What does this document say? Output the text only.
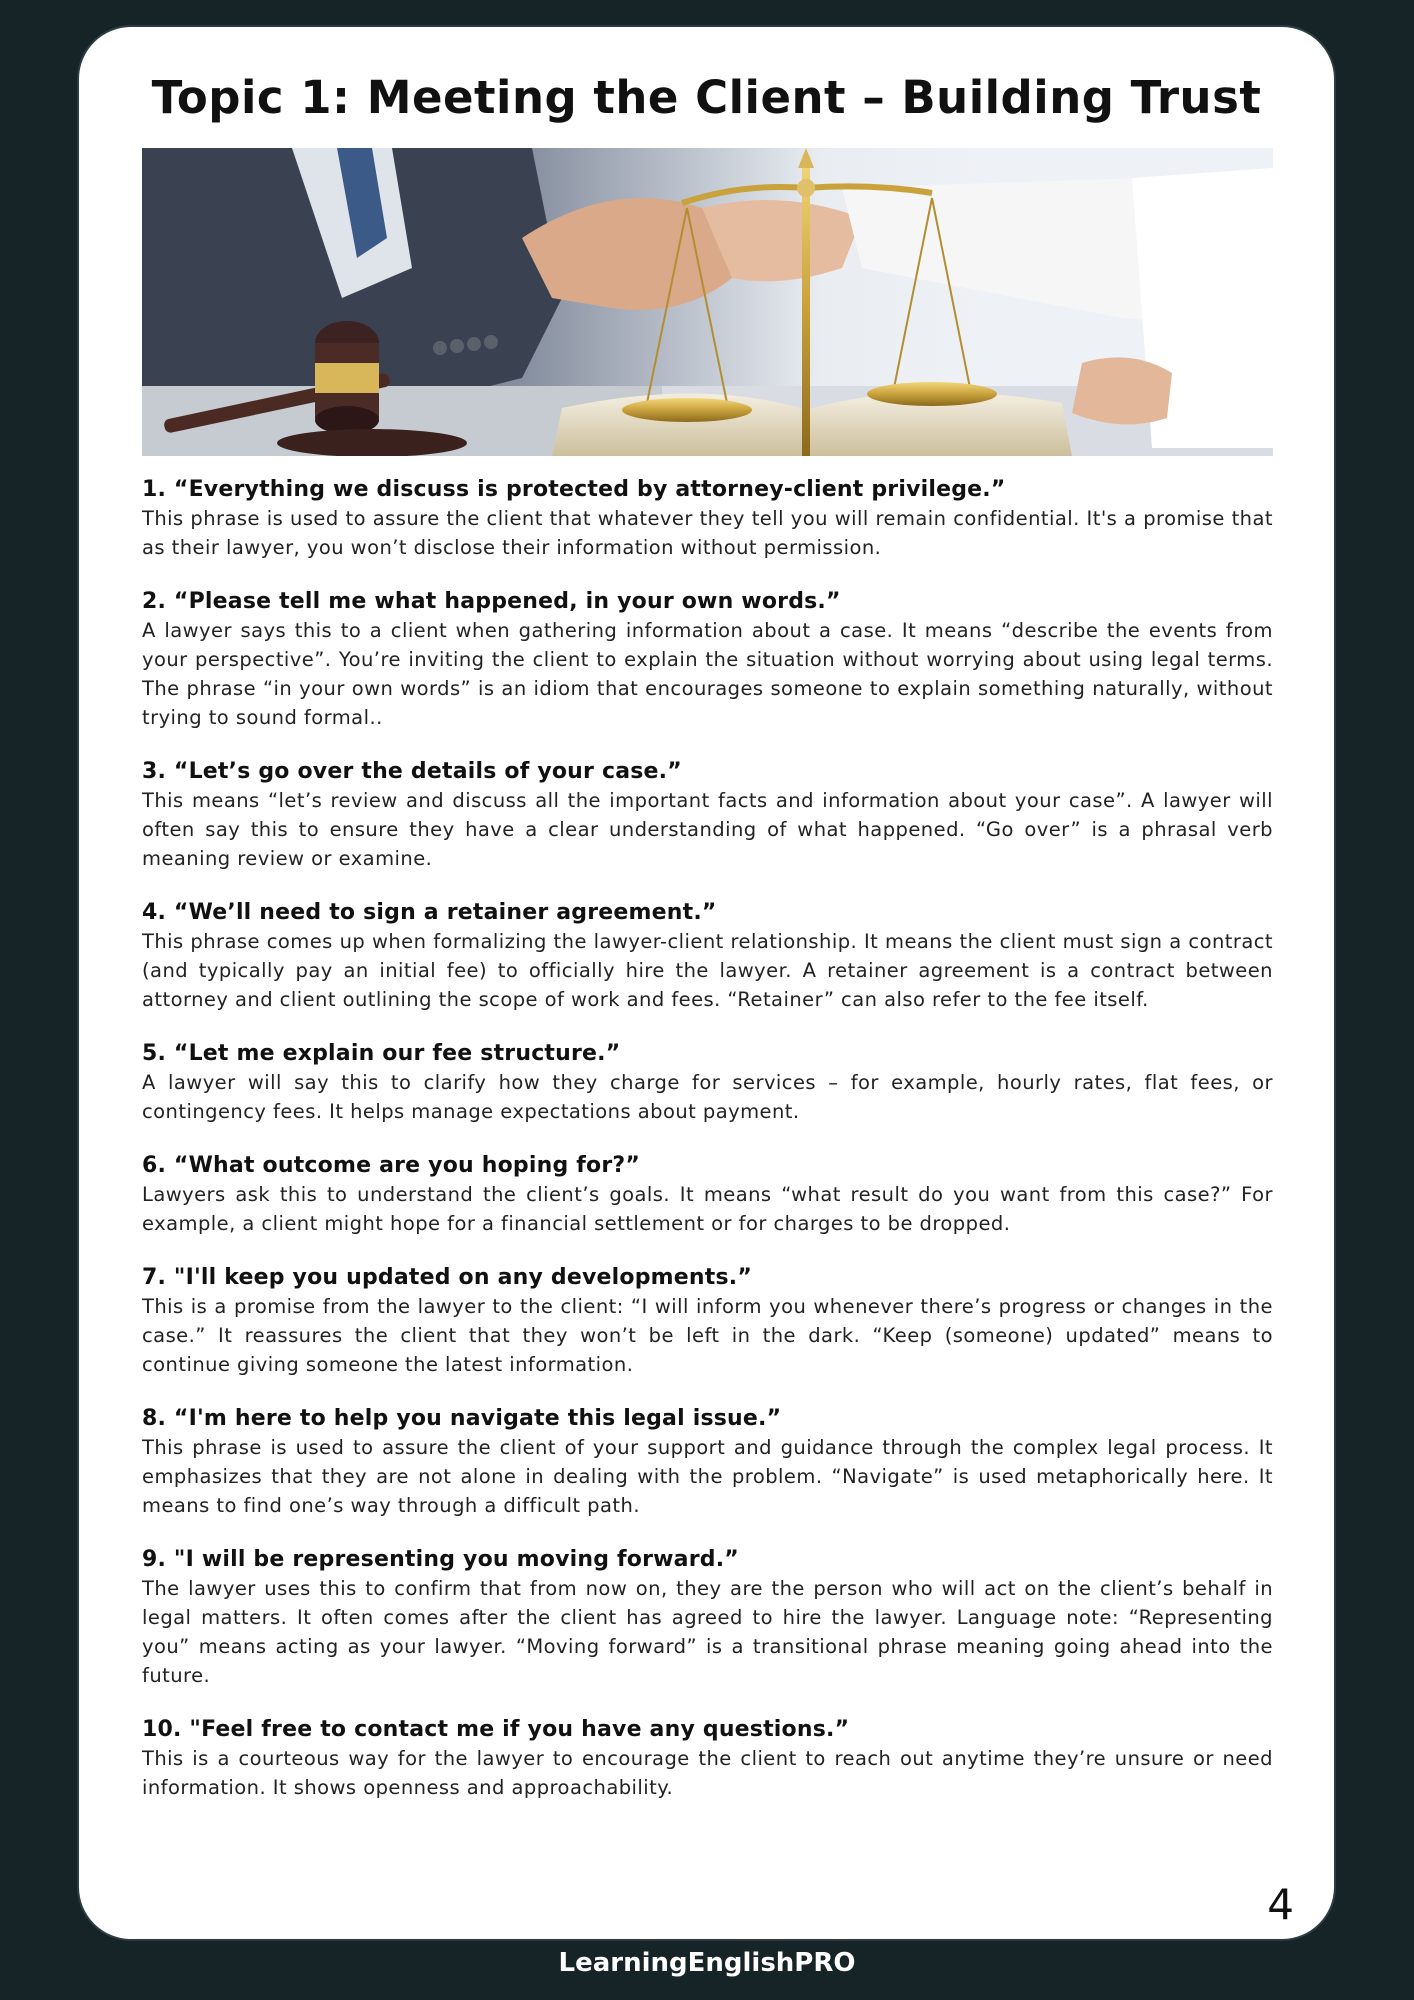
Topic 1: Meeting the Client – Building Trust

1. “Everything we discuss is protected by attorney-client privilege.”

This phrase is used to assure the client that whatever they tell you will remain confidential. It's a promise that as their lawyer, you won’t disclose their information without permission.

2. “Please tell me what happened, in your own words.”

A lawyer says this to a client when gathering information about a case. It means “describe the events from your perspective”. You’re inviting the client to explain the situation without worrying about using legal terms. The phrase “in your own words” is an idiom that encourages someone to explain something naturally, without trying to sound formal..

3. “Let’s go over the details of your case.”

This means “let’s review and discuss all the important facts and information about your case”. A lawyer will often say this to ensure they have a clear understanding of what happened. “Go over” is a phrasal verb meaning review or examine.

4. “We’ll need to sign a retainer agreement.”

This phrase comes up when formalizing the lawyer-client relationship. It means the client must sign a contract (and typically pay an initial fee) to officially hire the lawyer. A retainer agreement is a contract between attorney and client outlining the scope of work and fees. “Retainer” can also refer to the fee itself.

5. “Let me explain our fee structure.”

A lawyer will say this to clarify how they charge for services – for example, hourly rates, flat fees, or contingency fees. It helps manage expectations about payment.

6. “What outcome are you hoping for?”

Lawyers ask this to understand the client’s goals. It means “what result do you want from this case?” For example, a client might hope for a financial settlement or for charges to be dropped.

7. "I'll keep you updated on any developments.”

This is a promise from the lawyer to the client: “I will inform you whenever there’s progress or changes in the case.” It reassures the client that they won’t be left in the dark. “Keep (someone) updated” means to continue giving someone the latest information.

8. “I'm here to help you navigate this legal issue.”

This phrase is used to assure the client of your support and guidance through the complex legal process. It emphasizes that they are not alone in dealing with the problem. “Navigate” is used metaphorically here. It means to find one’s way through a difficult path.

9. "I will be representing you moving forward.”

The lawyer uses this to confirm that from now on, they are the person who will act on the client’s behalf in legal matters. It often comes after the client has agreed to hire the lawyer. Language note: “Representing you” means acting as your lawyer. “Moving forward” is a transitional phrase meaning going ahead into the future.

10. "Feel free to contact me if you have any questions.”

This is a courteous way for the lawyer to encourage the client to reach out anytime they’re unsure or need information. It shows openness and approachability.

4
LearningEnglishPRO
